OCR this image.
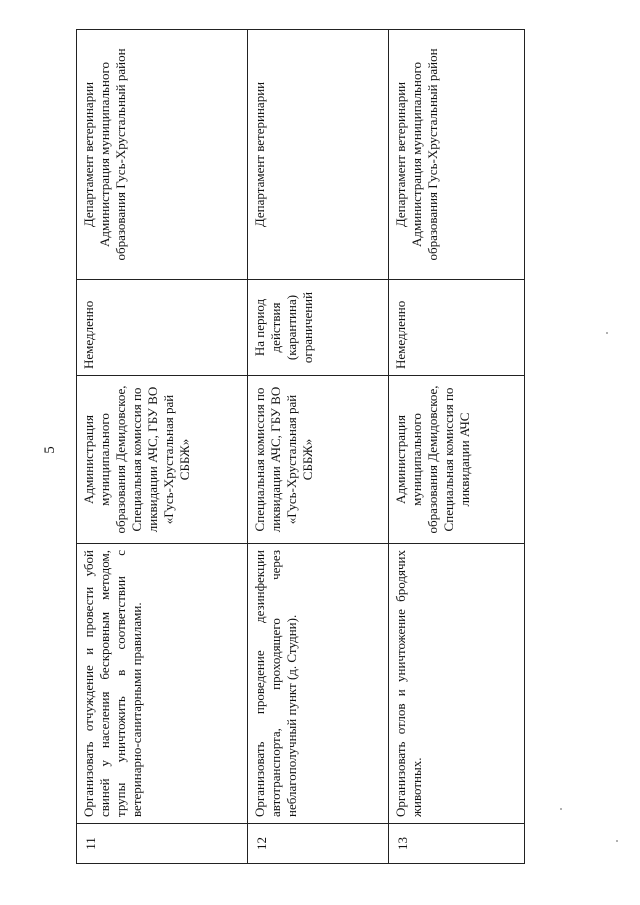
5
11	Организовать отчуждение и провести убой свиней у населения бескровным методом, трупы уничтожить в соответствии с ветеринарно-санитарными правилами.	Администрация муниципального образования Демидовское, Специальная комиссия по ликвидации АЧС, ГБУ ВО «Гусь-Хрустальная рай СББЖ»	Немедленно	Департамент ветеринарии Администрация муниципального образования Гусь-Хрустальный район
12	Организовать проведение дезинфекции автотранспорта, проходящего через неблагополучный пункт (д. Студни).	Специальная комиссия по ликвидации АЧС, ГБУ ВО «Гусь-Хрустальная рай СББЖ»	На период действия (карантина) ограничений	Департамент ветеринарии
13	Организовать отлов и уничтожение бродячих животных.	Администрация муниципального образования Демидовское, Специальная комиссия по ликвидации АЧС	Немедленно	Департамент ветеринарии Администрация муниципального образования Гусь-Хрустальный район
